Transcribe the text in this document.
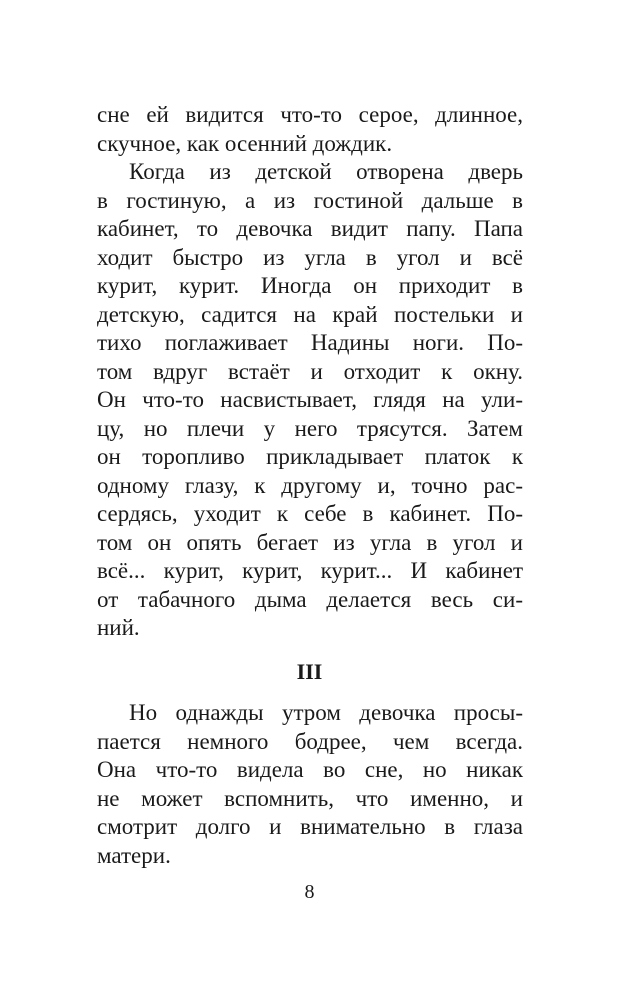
сне ей видится что-то серое, длинное,
скучное, как осенний дождик.
Когда из детской отворена дверь
в гостиную, а из гостиной дальше в
кабинет, то девочка видит папу. Папа
ходит быстро из угла в угол и всё
курит, курит. Иногда он приходит в
детскую, садится на край постельки и
тихо поглаживает Надины ноги. По-
том вдруг встаёт и отходит к окну.
Он что-то насвистывает, глядя на ули-
цу, но плечи у него трясутся. Затем
он торопливо прикладывает платок к
одному глазу, к другому и, точно рас-
сердясь, уходит к себе в кабинет. По-
том он опять бегает из угла в угол и
всё... курит, курит, курит... И кабинет
от табачного дыма делается весь си-
ний.
III
Но однажды утром девочка просы-
пается немного бодрее, чем всегда.
Она что-то видела во сне, но никак
не может вспомнить, что именно, и
смотрит долго и внимательно в глаза
матери.
8
